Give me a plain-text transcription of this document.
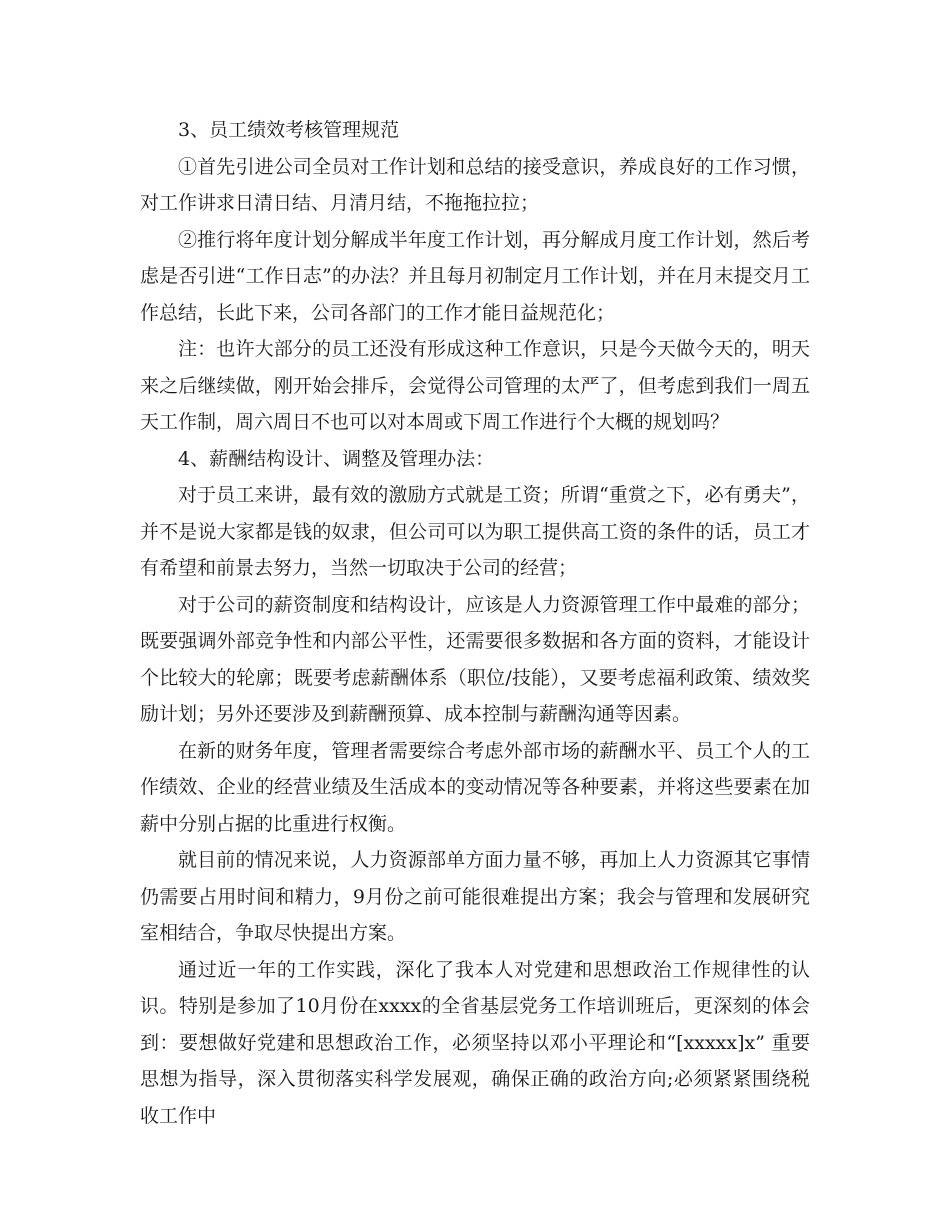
3、员工绩效考核管理规范

①首先引进公司全员对工作计划和总结的接受意识，养成良好的工作习惯，对工作讲求日清日结、月清月结，不拖拖拉拉；

②推行将年度计划分解成半年度工作计划，再分解成月度工作计划，然后考虑是否引进“工作日志”的办法？并且每月初制定月工作计划，并在月末提交月工作总结，长此下来，公司各部门的工作才能日益规范化；

注：也许大部分的员工还没有形成这种工作意识，只是今天做今天的，明天来之后继续做，刚开始会排斥，会觉得公司管理的太严了，但考虑到我们一周五天工作制，周六周日不也可以对本周或下周工作进行个大概的规划吗？

4、薪酬结构设计、调整及管理办法：

对于员工来讲，最有效的激励方式就是工资；所谓“重赏之下，必有勇夫”，并不是说大家都是钱的奴隶，但公司可以为职工提供高工资的条件的话，员工才有希望和前景去努力，当然一切取决于公司的经营；

对于公司的薪资制度和结构设计，应该是人力资源管理工作中最难的部分；既要强调外部竞争性和内部公平性，还需要很多数据和各方面的资料，才能设计个比较大的轮廓；既要考虑薪酬体系（职位/技能），又要考虑福利政策、绩效奖励计划；另外还要涉及到薪酬预算、成本控制与薪酬沟通等因素。

在新的财务年度，管理者需要综合考虑外部市场的薪酬水平、员工个人的工作绩效、企业的经营业绩及生活成本的变动情况等各种要素，并将这些要素在加薪中分别占据的比重进行权衡。

就目前的情况来说，人力资源部单方面力量不够，再加上人力资源其它事情仍需要占用时间和精力，9月份之前可能很难提出方案；我会与管理和发展研究室相结合，争取尽快提出方案。

通过近一年的工作实践，深化了我本人对党建和思想政治工作规律性的认识。特别是参加了10月份在xxxx的全省基层党务工作培训班后，更深刻的体会到：要想做好党建和思想政治工作，必须坚持以邓小平理论和“[xxxxx]x” 重要思想为指导，深入贯彻落实科学发展观，确保正确的政治方向;必须紧紧围绕税收工作中
